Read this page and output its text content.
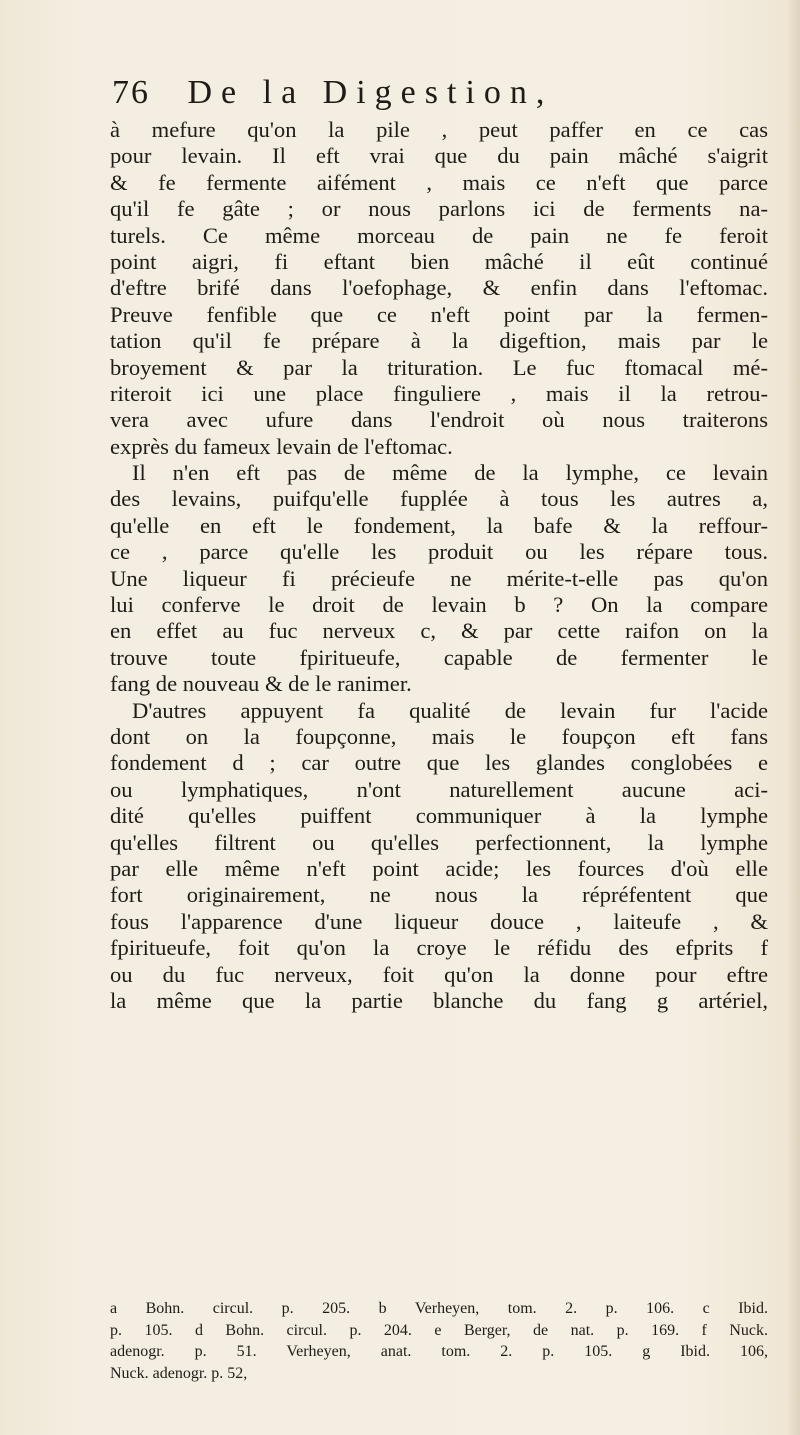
76 De la Digestion,
à mefure qu'on la pile , peut paffer en ce cas
pour levain. Il eft vrai que du pain mâché s'aigrit
& fe fermente aifément , mais ce n'eft que parce
qu'il fe gâte ; or nous parlons ici de ferments na-
turels. Ce même morceau de pain ne fe feroit
point aigri, fi eftant bien mâché il eût continué
d'eftre brifé dans l'oefophage, & enfin dans l'eftomac.
Preuve fenfible que ce n'eft point par la fermen-
tation qu'il fe prépare à la digeftion, mais par le
broyement & par la trituration. Le fuc ftomacal mé-
riteroit ici une place finguliere , mais il la retrou-
vera avec ufure dans l'endroit où nous traiterons
exprès du fameux levain de l'eftomac.
Il n'en eft pas de même de la lymphe, ce levain
des levains, puifqu'elle fupplée à tous les autres a,
qu'elle en eft le fondement, la bafe & la reffour-
ce , parce qu'elle les produit ou les répare tous.
Une liqueur fi précieufe ne mérite-t-elle pas qu'on
lui conferve le droit de levain b ? On la compare
en effet au fuc nerveux c, & par cette raifon on la
trouve toute fpiritueufe, capable de fermenter le
fang de nouveau & de le ranimer.
D'autres appuyent fa qualité de levain fur l'acide
dont on la foupçonne, mais le foupçon eft fans
fondement d ; car outre que les glandes conglobées e
ou lymphatiques, n'ont naturellement aucune aci-
dité qu'elles puiffent communiquer à la lymphe
qu'elles filtrent ou qu'elles perfectionnent, la lymphe
par elle même n'eft point acide; les fources d'où elle
fort originairement, ne nous la répréfentent que
fous l'apparence d'une liqueur douce , laiteufe , &
fpiritueufe, foit qu'on la croye le réfidu des efprits f
ou du fuc nerveux, foit qu'on la donne pour eftre
la même que la partie blanche du fang g artériel,
a Bohn. circul. p. 205. b Verheyen, tom. 2. p. 106. c Ibid.
p. 105. d Bohn. circul. p. 204. e Berger, de nat. p. 169. f Nuck.
adenogr. p. 51. Verheyen, anat. tom. 2. p. 105. g Ibid. 106,
Nuck. adenogr. p. 52,
